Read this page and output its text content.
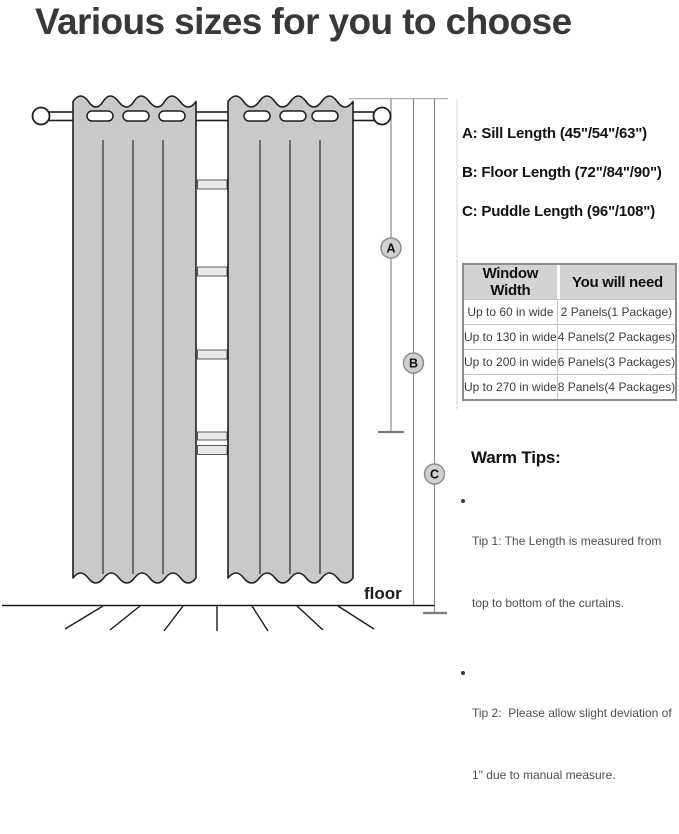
Various sizes for you to choose
A
B
C
floor
A: Sill Length (45"/54"/63")
B: Floor Length (72"/84"/90")
C: Puddle Length (96"/108")
Window Width	You will need
Up to 60 in wide	2 Panels(1 Package)
Up to 130 in wide	4 Panels(2 Packages)
Up to 200 in wide	6 Panels(3 Packages)
Up to 270 in wide	8 Panels(4 Packages)
Warm Tips:

Tip 1: The Length is measured from

top to bottom of the curtains.

Tip 2:  Please allow slight deviation of

1" due to manual measure.
